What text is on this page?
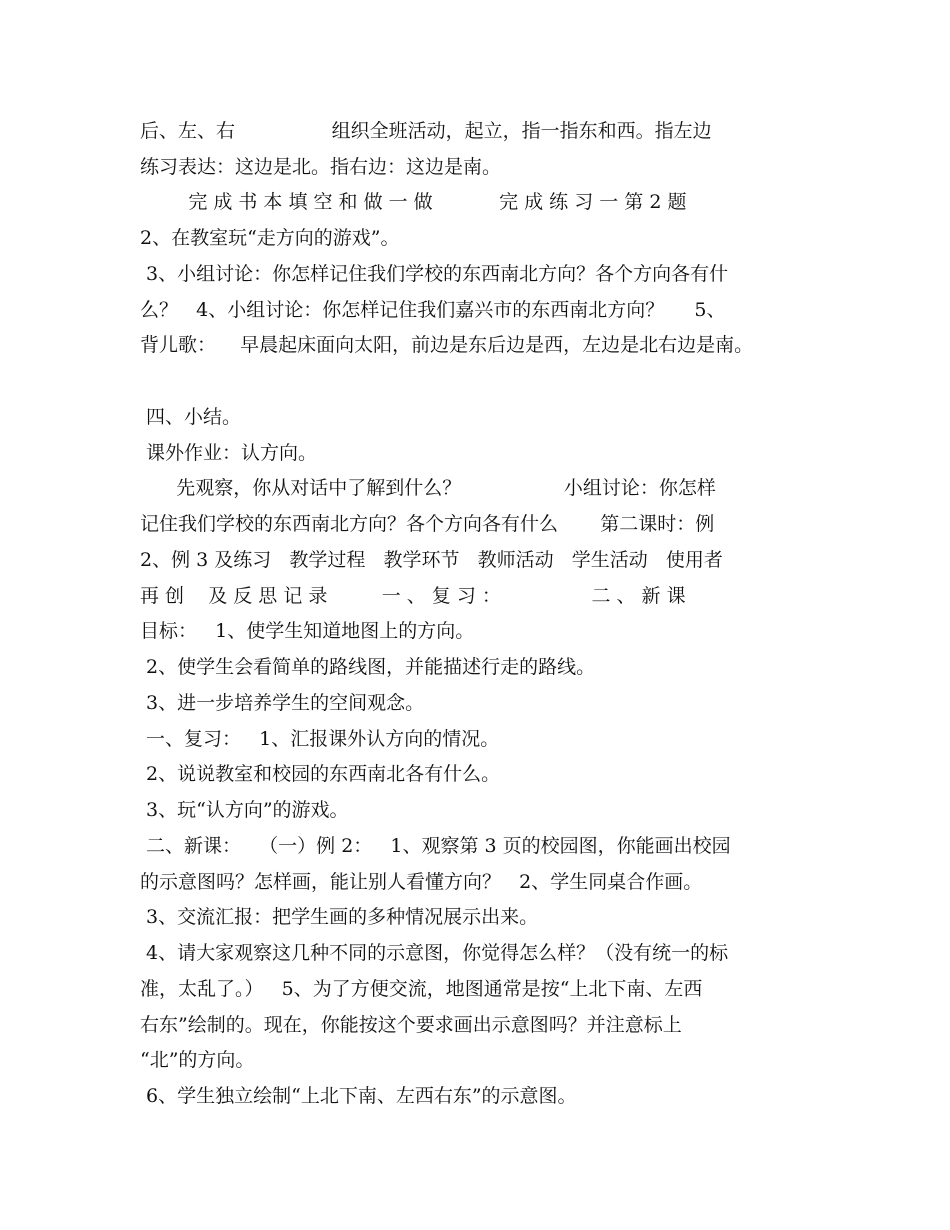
后、左、右                组织全班活动，起立，指一指东和西。指左边
练习表达：这边是北。指右边：这边是南。
完 成 书 本 填 空 和 做 一 做           完 成 练 习 一 第 2 题
2、在教室玩“走方向的游戏”。
3、小组讨论：你怎样记住我们学校的东西南北方向？各个方向各有什
么？   4、小组讨论：你怎样记住我们嘉兴市的东西南北方向？     5、
背儿歌：    早晨起床面向太阳，前边是东后边是西，左边是北右边是南。
四、小结。
课外作业：认方向。
先观察，你从对话中了解到什么？                 小组讨论：你怎样
记住我们学校的东西南北方向？各个方向各有什么       第二课时：例
2、例 3 及练习   教学过程   教学环节   教师活动   学生活动   使用者
再 创    及 反 思 记 录         一 、 复 习 ：               二 、 新 课
目标：   1、使学生知道地图上的方向。
2、使学生会看简单的路线图，并能描述行走的路线。
3、进一步培养学生的空间观念。
一、复习：   1、汇报课外认方向的情况。
2、说说教室和校园的东西南北各有什么。
3、玩“认方向”的游戏。
二、新课：   （一）例 2：   1、观察第 3 页的校园图，你能画出校园
的示意图吗？怎样画，能让别人看懂方向？   2、学生同桌合作画。
3、交流汇报：把学生画的多种情况展示出来。
4、请大家观察这几种不同的示意图，你觉得怎么样？（没有统一的标
准，太乱了。）   5、为了方便交流，地图通常是按“上北下南、左西
右东”绘制的。现在，你能按这个要求画出示意图吗？并注意标上
“北”的方向。
6、学生独立绘制“上北下南、左西右东”的示意图。
